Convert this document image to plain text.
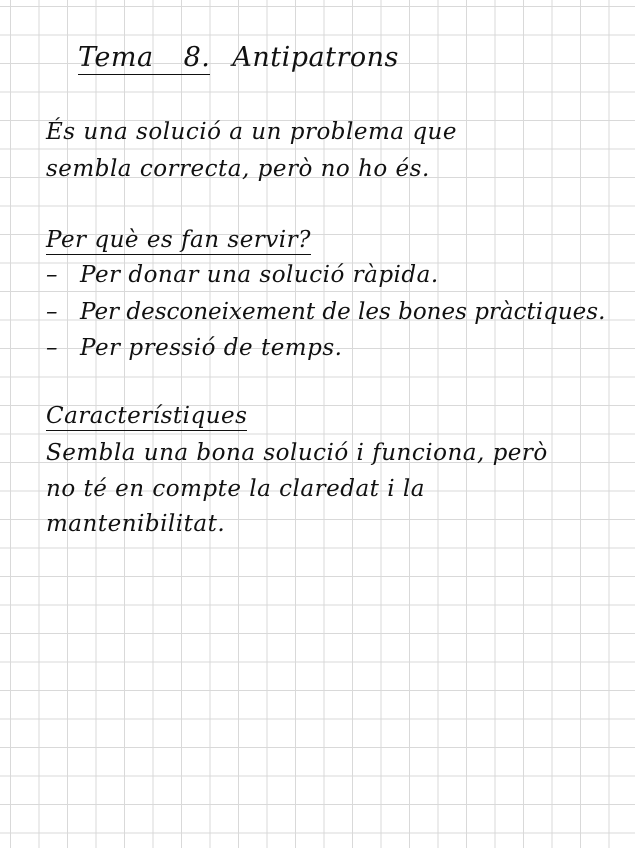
Tema 8. Antipatrons
És una solució a un problema que
sembla correcta, però no ho és.
Per què es fan servir?
– Per donar una solució ràpida.
– Per desconeixement de les bones pràctiques.
– Per pressió de temps.
Característiques
Sembla una bona solució i funciona, però
no té en compte la claredat i la
mantenibilitat.
